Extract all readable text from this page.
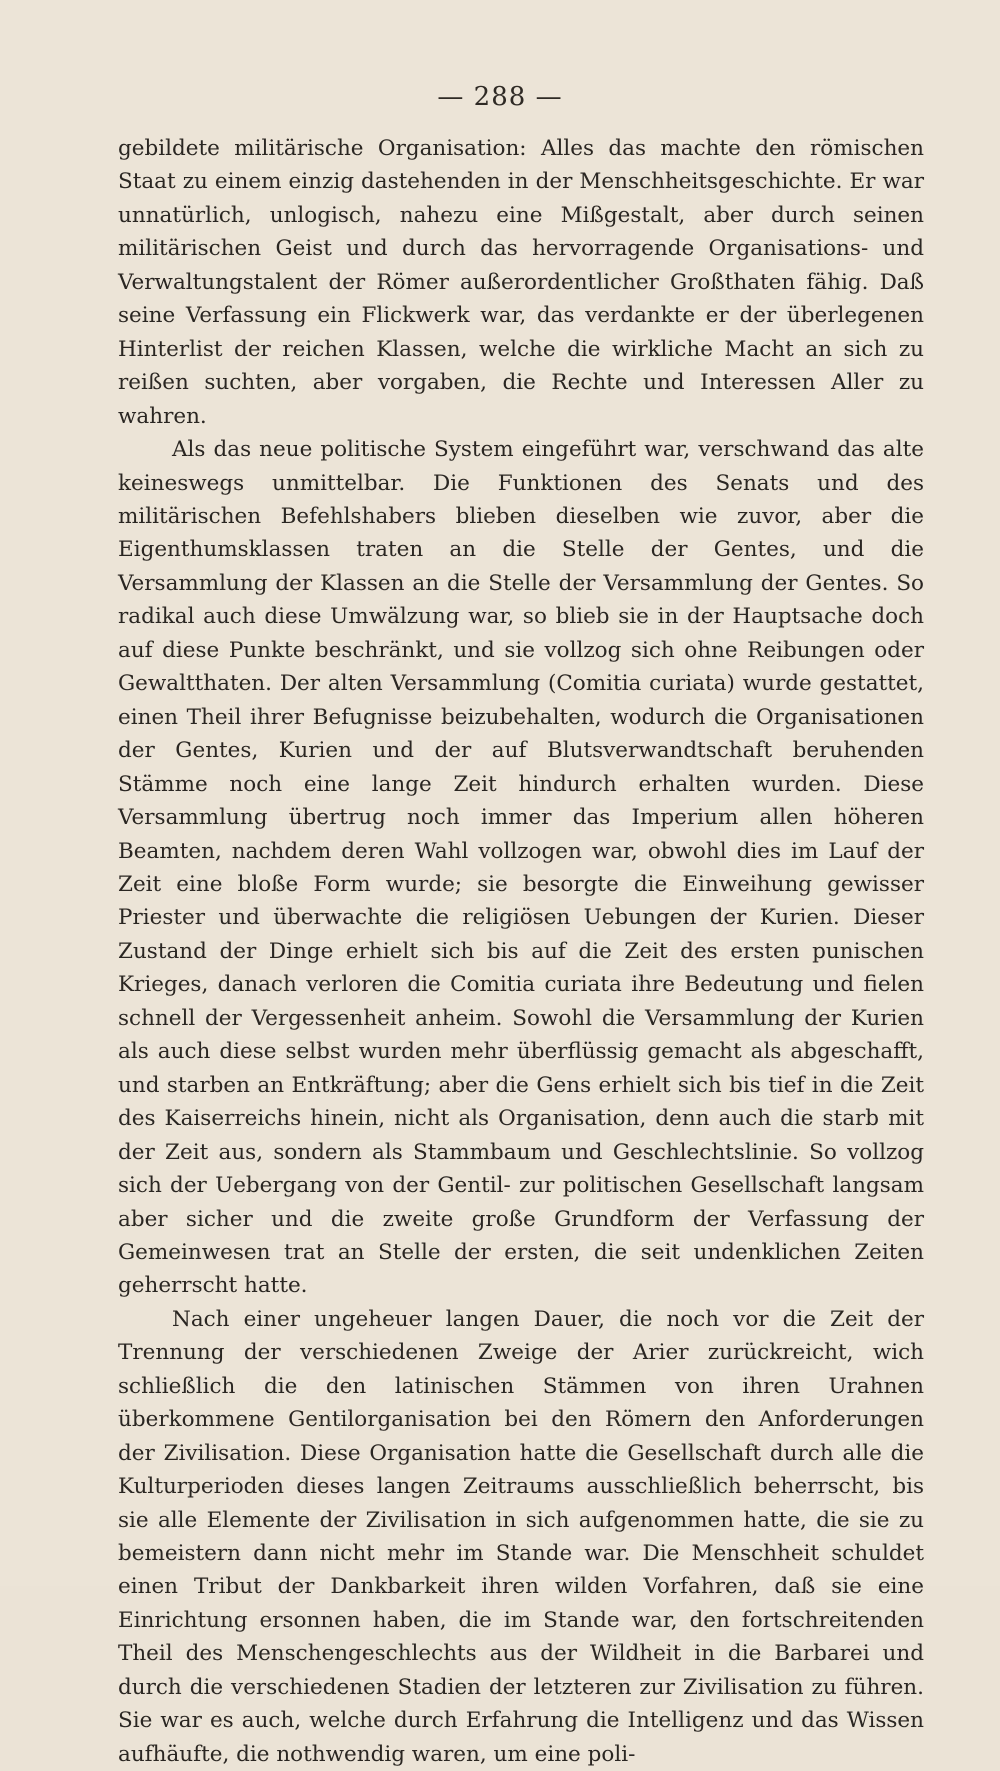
— 288 —

gebildete militärische Organisation: Alles das machte den römischen Staat zu einem einzig dastehenden in der Menschheitsgeschichte. Er war unnatürlich, unlogisch, nahezu eine Mißgestalt, aber durch seinen militärischen Geist und durch das hervorragende Organisations- und Verwaltungstalent der Römer außerordentlicher Großthaten fähig. Daß seine Verfassung ein Flickwerk war, das verdankte er der überlegenen Hinterlist der reichen Klassen, welche die wirkliche Macht an sich zu reißen suchten, aber vorgaben, die Rechte und Interessen Aller zu wahren.

Als das neue politische System eingeführt war, verschwand das alte keineswegs unmittelbar. Die Funktionen des Senats und des militärischen Befehlshabers blieben dieselben wie zuvor, aber die Eigenthumsklassen traten an die Stelle der Gentes, und die Versammlung der Klassen an die Stelle der Versammlung der Gentes. So radikal auch diese Umwälzung war, so blieb sie in der Hauptsache doch auf diese Punkte beschränkt, und sie vollzog sich ohne Reibungen oder Gewaltthaten. Der alten Versammlung (Comitia curiata) wurde gestattet, einen Theil ihrer Befugnisse beizubehalten, wodurch die Organisationen der Gentes, Kurien und der auf Blutsverwandtschaft beruhenden Stämme noch eine lange Zeit hindurch erhalten wurden. Diese Versammlung übertrug noch immer das Imperium allen höheren Beamten, nachdem deren Wahl vollzogen war, obwohl dies im Lauf der Zeit eine bloße Form wurde; sie besorgte die Einweihung gewisser Priester und überwachte die religiösen Uebungen der Kurien. Dieser Zustand der Dinge erhielt sich bis auf die Zeit des ersten punischen Krieges, danach verloren die Comitia curiata ihre Bedeutung und fielen schnell der Vergessenheit anheim. Sowohl die Versammlung der Kurien als auch diese selbst wurden mehr überflüssig gemacht als abgeschafft, und starben an Entkräftung; aber die Gens erhielt sich bis tief in die Zeit des Kaiserreichs hinein, nicht als Organisation, denn auch die starb mit der Zeit aus, sondern als Stammbaum und Geschlechtslinie. So vollzog sich der Uebergang von der Gentil- zur politischen Gesellschaft langsam aber sicher und die zweite große Grundform der Verfassung der Gemeinwesen trat an Stelle der ersten, die seit undenklichen Zeiten geherrscht hatte.

Nach einer ungeheuer langen Dauer, die noch vor die Zeit der Trennung der verschiedenen Zweige der Arier zurückreicht, wich schließlich die den latinischen Stämmen von ihren Urahnen überkommene Gentilorganisation bei den Römern den Anforderungen der Zivilisation. Diese Organisation hatte die Gesellschaft durch alle die Kulturperioden dieses langen Zeitraums ausschließlich beherrscht, bis sie alle Elemente der Zivilisation in sich aufgenommen hatte, die sie zu bemeistern dann nicht mehr im Stande war. Die Menschheit schuldet einen Tribut der Dankbarkeit ihren wilden Vorfahren, daß sie eine Einrichtung ersonnen haben, die im Stande war, den fortschreitenden Theil des Menschengeschlechts aus der Wildheit in die Barbarei und durch die verschiedenen Stadien der letzteren zur Zivilisation zu führen. Sie war es auch, welche durch Erfahrung die Intelligenz und das Wissen aufhäufte, die nothwendig waren, um eine poli-
